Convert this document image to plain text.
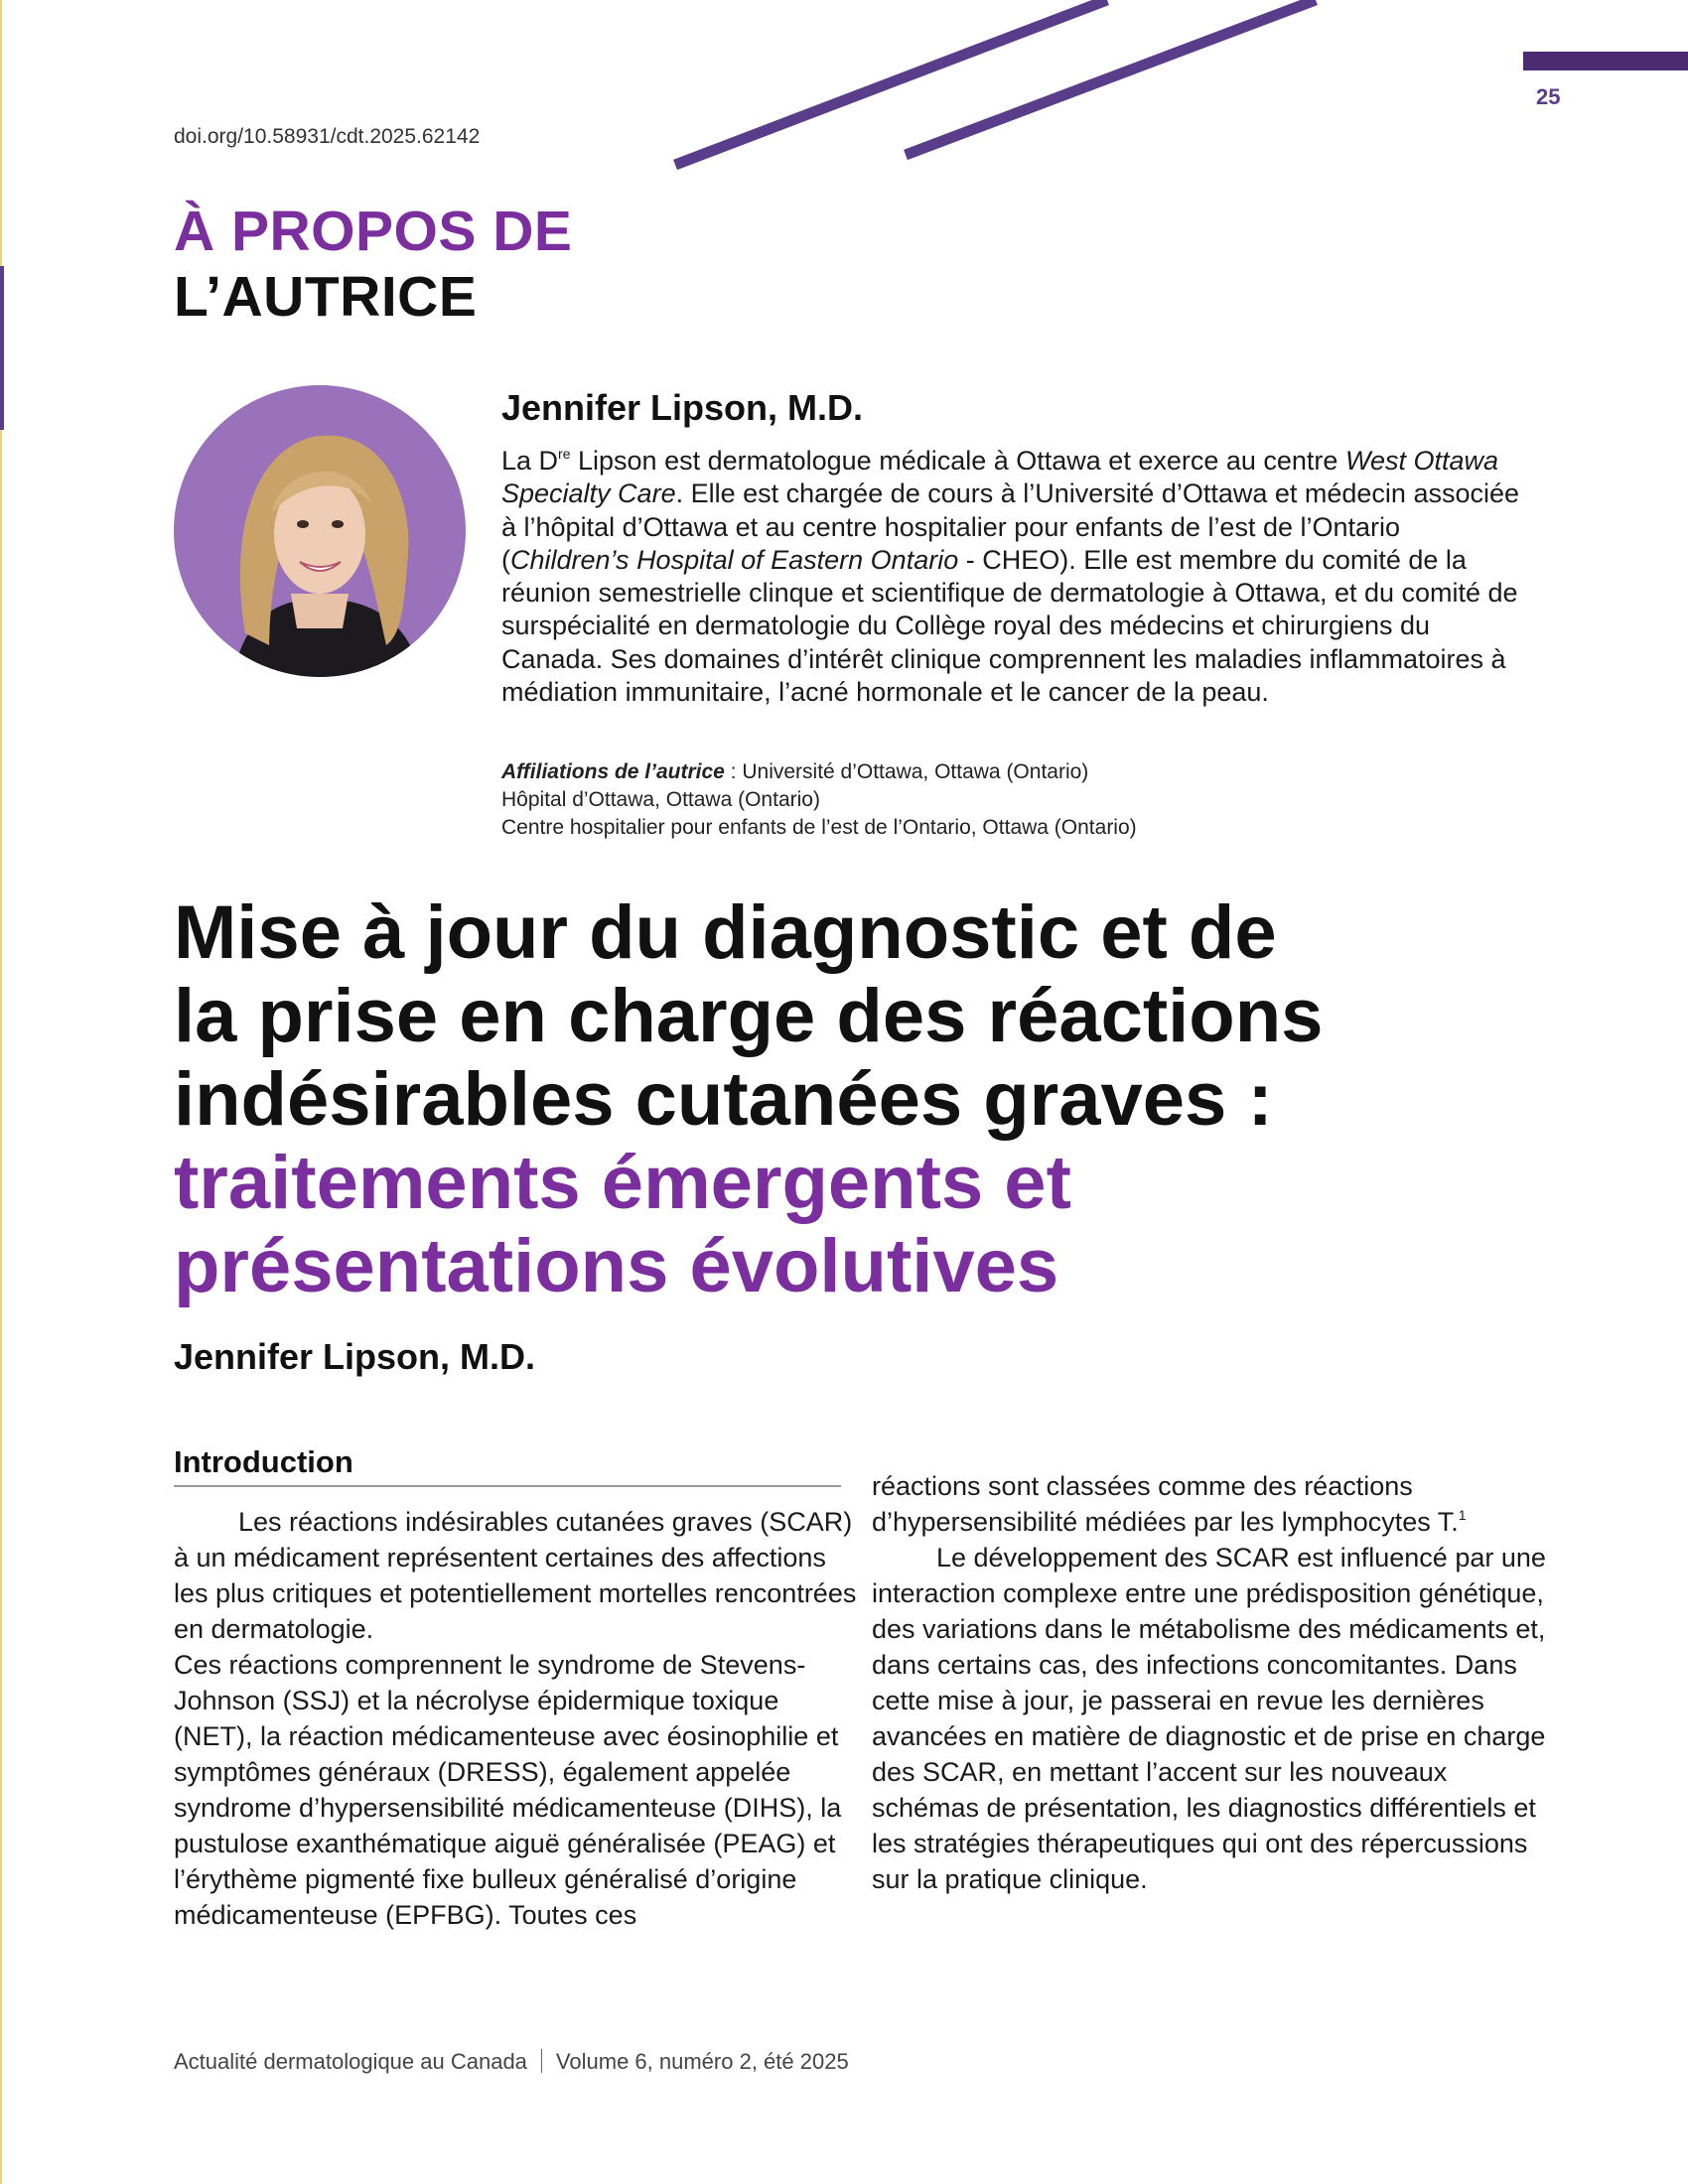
25
doi.org/10.58931/cdt.2025.62142
À PROPOS DE
L’AUTRICE
Jennifer Lipson, M.D.

La Dre Lipson est dermatologue médicale à Ottawa et exerce au centre West Ottawa Specialty Care. Elle est chargée de cours à l’Université d’Ottawa et médecin associée à l’hôpital d’Ottawa et au centre hospitalier pour enfants de l’est de l’Ontario (Children’s Hospital of Eastern Ontario - CHEO). Elle est membre du comité de la réunion semestrielle clinque et scientifique de dermatologie à Ottawa, et du comité de surspécialité en dermatologie du Collège royal des médecins et chirurgiens du Canada. Ses domaines d’intérêt clinique comprennent les maladies inflammatoires à médiation immunitaire, l’acné hormonale et le cancer de la peau.

Affiliations de l’autrice : Université d’Ottawa, Ottawa (Ontario)
Hôpital d’Ottawa, Ottawa (Ontario)
Centre hospitalier pour enfants de l’est de l’Ontario, Ottawa (Ontario)
Mise à jour du diagnostic et de
la prise en charge des réactions
indésirables cutanées graves :
traitements émergents et
présentations évolutives
Jennifer Lipson, M.D.
Introduction

Les réactions indésirables cutanées graves (SCAR) à un médicament représentent certaines des affections les plus critiques et potentiellement mortelles rencontrées en dermatologie.

Ces réactions comprennent le syndrome de Stevens-Johnson (SSJ) et la nécrolyse épidermique toxique (NET), la réaction médicamenteuse avec éosinophilie et symptômes généraux (DRESS), également appelée syndrome d’hypersensibilité médicamenteuse (DIHS), la pustulose exanthématique aiguë généralisée (PEAG) et l’érythème pigmenté fixe bulleux généralisé d’origine médicamenteuse (EPFBG). Toutes ces

réactions sont classées comme des réactions d’hypersensibilité médiées par les lymphocytes T.$^1$

Le développement des SCAR est influencé par une interaction complexe entre une prédisposition génétique, des variations dans le métabolisme des médicaments et, dans certains cas, des infections concomitantes. Dans cette mise à jour, je passerai en revue les dernières avancées en matière de diagnostic et de prise en charge des SCAR, en mettant l’accent sur les nouveaux schémas de présentation, les diagnostics différentiels et les stratégies thérapeutiques qui ont des répercussions sur la pratique clinique.

Actualité dermatologique au Canada Volume 6, numéro 2, été 2025
